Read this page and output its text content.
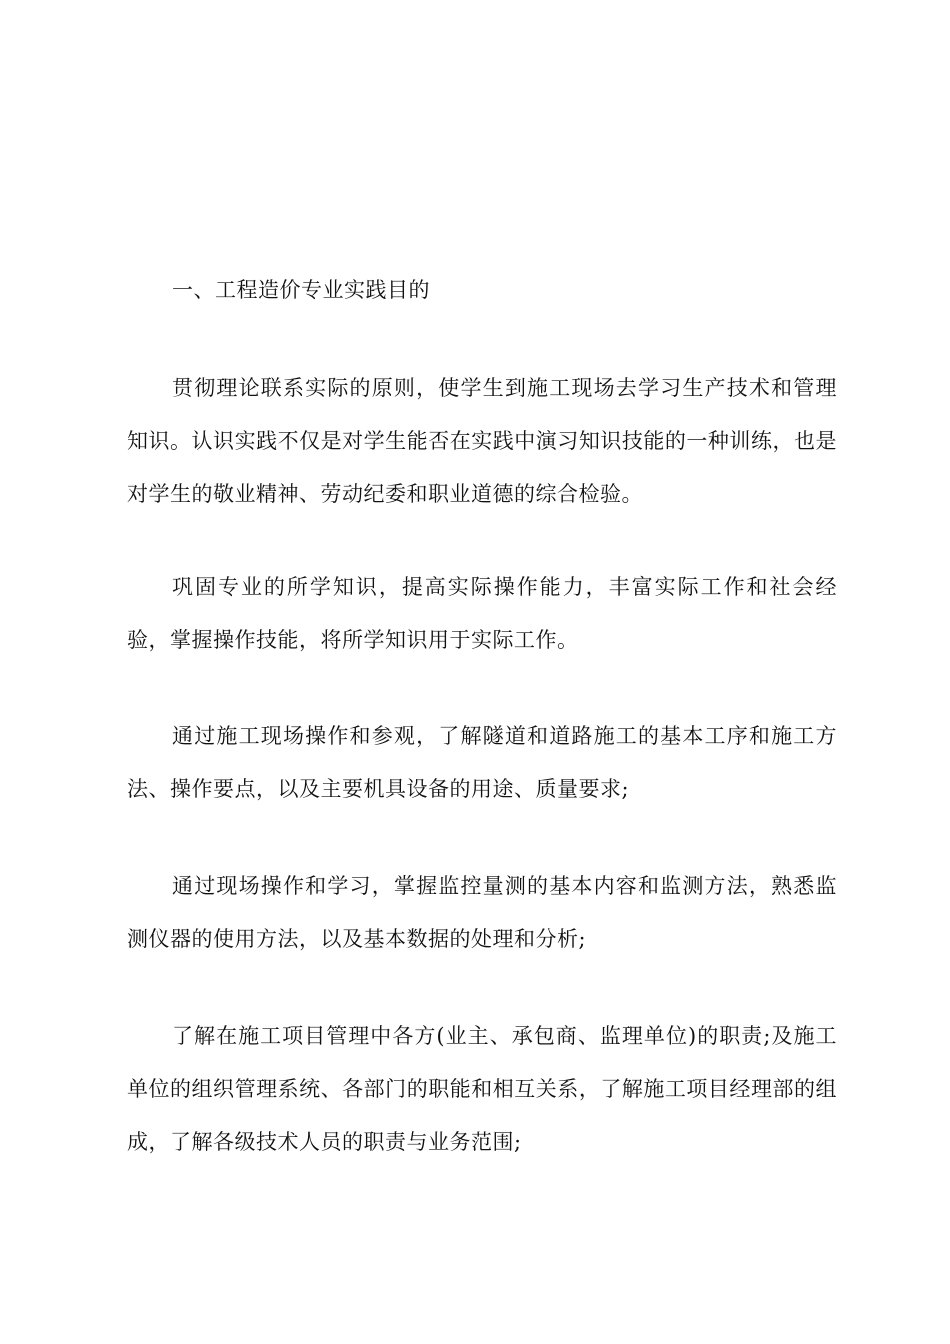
一、工程造价专业实践目的

贯彻理论联系实际的原则，使学生到施工现场去学习生产技术和管理知识。认识实践不仅是对学生能否在实践中演习知识技能的一种训练，也是对学生的敬业精神、劳动纪委和职业道德的综合检验。

巩固专业的所学知识，提高实际操作能力，丰富实际工作和社会经验，掌握操作技能，将所学知识用于实际工作。

通过施工现场操作和参观，了解隧道和道路施工的基本工序和施工方法、操作要点，以及主要机具设备的用途、质量要求;

通过现场操作和学习，掌握监控量测的基本内容和监测方法，熟悉监测仪器的使用方法，以及基本数据的处理和分析;

了解在施工项目管理中各方(业主、承包商、监理单位)的职责;及施工单位的组织管理系统、各部门的职能和相互关系，了解施工项目经理部的组成，了解各级技术人员的职责与业务范围;
